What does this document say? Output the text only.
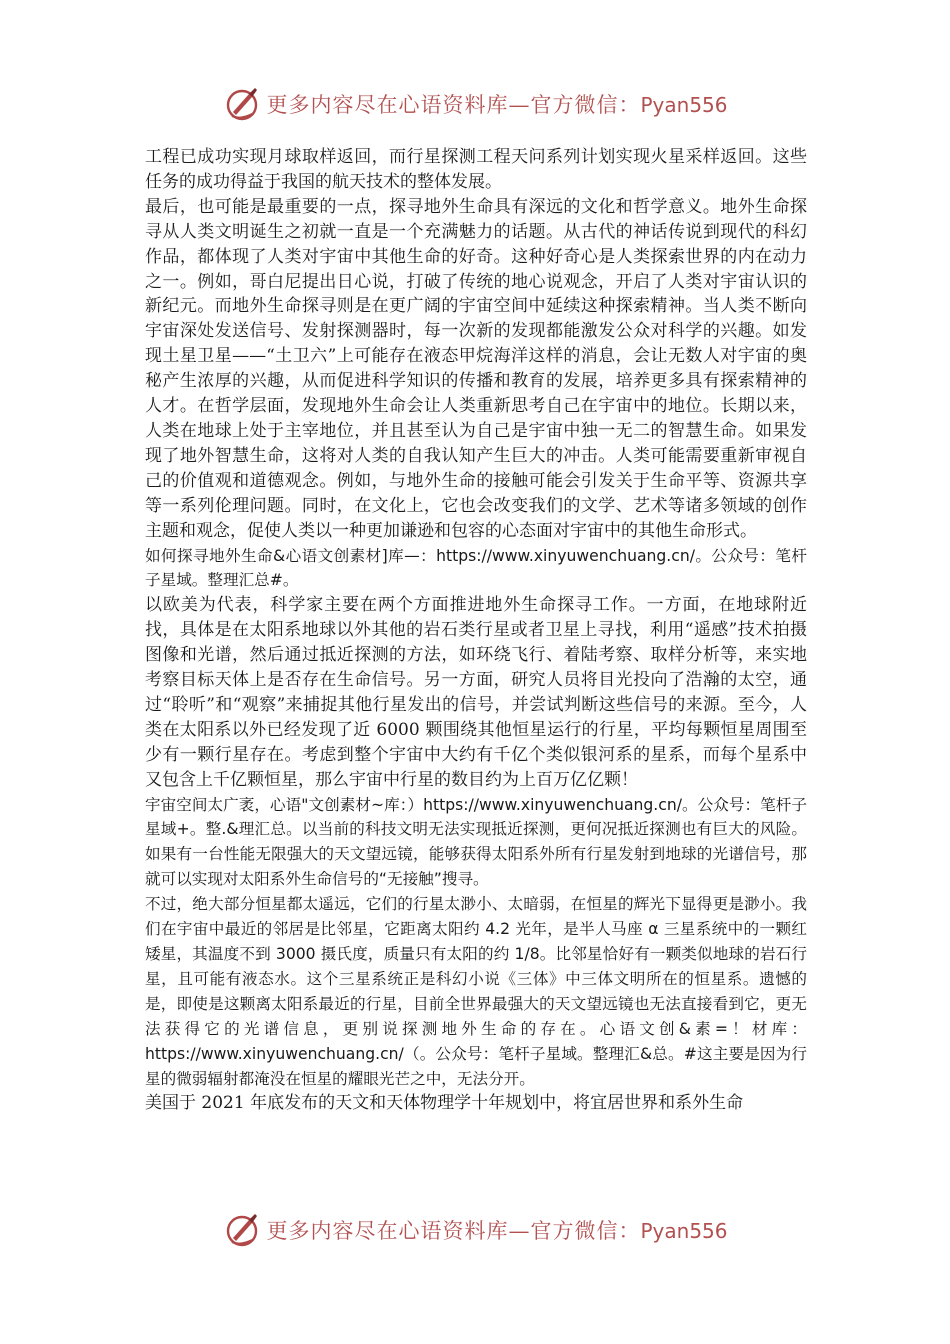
更多内容尽在心语资料库—官方微信：Pyan556

工程已成功实现月球取样返回，而行星探测工程天问系列计划实现火星采样返回。这些任务的成功得益于我国的航天技术的整体发展。

最后，也可能是最重要的一点，探寻地外生命具有深远的文化和哲学意义。地外生命探寻从人类文明诞生之初就一直是一个充满魅力的话题。从古代的神话传说到现代的科幻作品，都体现了人类对宇宙中其他生命的好奇。这种好奇心是人类探索世界的内在动力之一。例如，哥白尼提出日心说，打破了传统的地心说观念，开启了人类对宇宙认识的新纪元。而地外生命探寻则是在更广阔的宇宙空间中延续这种探索精神。当人类不断向宇宙深处发送信号、发射探测器时，每一次新的发现都能激发公众对科学的兴趣。如发现土星卫星——“土卫六”上可能存在液态甲烷海洋这样的消息，会让无数人对宇宙的奥秘产生浓厚的兴趣，从而促进科学知识的传播和教育的发展，培养更多具有探索精神的人才。在哲学层面，发现地外生命会让人类重新思考自己在宇宙中的地位。长期以来，人类在地球上处于主宰地位，并且甚至认为自己是宇宙中独一无二的智慧生命。如果发现了地外智慧生命，这将对人类的自我认知产生巨大的冲击。人类可能需要重新审视自己的价值观和道德观念。例如，与地外生命的接触可能会引发关于生命平等、资源共享等一系列伦理问题。同时，在文化上，它也会改变我们的文学、艺术等诸多领域的创作主题和观念，促使人类以一种更加谦逊和包容的心态面对宇宙中的其他生命形式。

如何探寻地外生命&心语文创素材]库—：https://www.xinyuwenchuang.cn/。公众号：笔杆子星域。整理汇总#。

以欧美为代表，科学家主要在两个方面推进地外生命探寻工作。一方面，在地球附近找，具体是在太阳系地球以外其他的岩石类行星或者卫星上寻找，利用“遥感”技术拍摄图像和光谱，然后通过抵近探测的方法，如环绕飞行、着陆考察、取样分析等，来实地考察目标天体上是否存在生命信号。另一方面，研究人员将目光投向了浩瀚的太空，通过“聆听”和“观察”来捕捉其他行星发出的信号，并尝试判断这些信号的来源。至今，人类在太阳系以外已经发现了近 6000 颗围绕其他恒星运行的行星，平均每颗恒星周围至少有一颗行星存在。考虑到整个宇宙中大约有千亿个类似银河系的星系，而每个星系中又包含上千亿颗恒星，那么宇宙中行星的数目约为上百万亿亿颗！

宇宙空间太广袤，心语"文创素材~库：）https://www.xinyuwenchuang.cn/。公众号：笔杆子星域+。整.&理汇总。以当前的科技文明无法实现抵近探测，更何况抵近探测也有巨大的风险。如果有一台性能无限强大的天文望远镜，能够获得太阳系外所有行星发射到地球的光谱信号，那就可以实现对太阳系外生命信号的“无接触”搜寻。

不过，绝大部分恒星都太遥远，它们的行星太渺小、太暗弱，在恒星的辉光下显得更是渺小。我们在宇宙中最近的邻居是比邻星，它距离太阳约 4.2 光年，是半人马座 α 三星系统中的一颗红矮星，其温度不到 3000 摄氏度，质量只有太阳的约 1/8。比邻星恰好有一颗类似地球的岩石行星，且可能有液态水。这个三星系统正是科幻小说《三体》中三体文明所在的恒星系。遗憾的是，即使是这颗离太阳系最近的行星，目前全世界最强大的天文望远镜也无法直接看到它，更无法获得它的光谱信息，更别说探测地外生命的存在。心语文创&素=！材库：https://www.xinyuwenchuang.cn/（。公众号：笔杆子星域。整理汇&总。#这主要是因为行星的微弱辐射都淹没在恒星的耀眼光芒之中，无法分开。

美国于 2021 年底发布的天文和天体物理学十年规划中，将宜居世界和系外生命

更多内容尽在心语资料库—官方微信：Pyan556
